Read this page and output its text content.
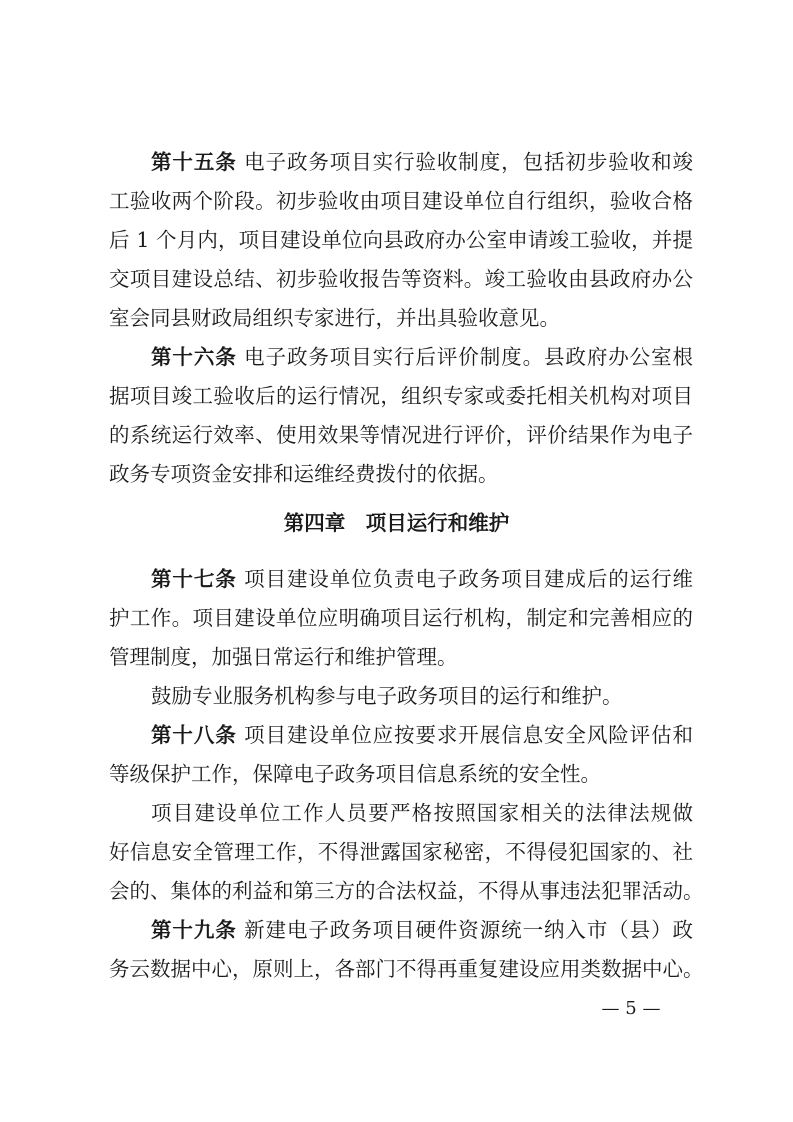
第十五条 电子政务项目实行验收制度，包括初步验收和竣
工验收两个阶段。初步验收由项目建设单位自行组织，验收合格
后 1 个月内，项目建设单位向县政府办公室申请竣工验收，并提
交项目建设总结、初步验收报告等资料。竣工验收由县政府办公
室会同县财政局组织专家进行，并出具验收意见。
第十六条 电子政务项目实行后评价制度。县政府办公室根
据项目竣工验收后的运行情况，组织专家或委托相关机构对项目
的系统运行效率、使用效果等情况进行评价，评价结果作为电子
政务专项资金安排和运维经费拨付的依据。
第四章　项目运行和维护
第十七条 项目建设单位负责电子政务项目建成后的运行维
护工作。项目建设单位应明确项目运行机构，制定和完善相应的
管理制度，加强日常运行和维护管理。
鼓励专业服务机构参与电子政务项目的运行和维护。
第十八条 项目建设单位应按要求开展信息安全风险评估和
等级保护工作，保障电子政务项目信息系统的安全性。
项目建设单位工作人员要严格按照国家相关的法律法规做
好信息安全管理工作，不得泄露国家秘密，不得侵犯国家的、社
会的、集体的利益和第三方的合法权益，不得从事违法犯罪活动。
第十九条 新建电子政务项目硬件资源统一纳入市（县）政
务云数据中心，原则上，各部门不得再重复建设应用类数据中心。
— 5 —
